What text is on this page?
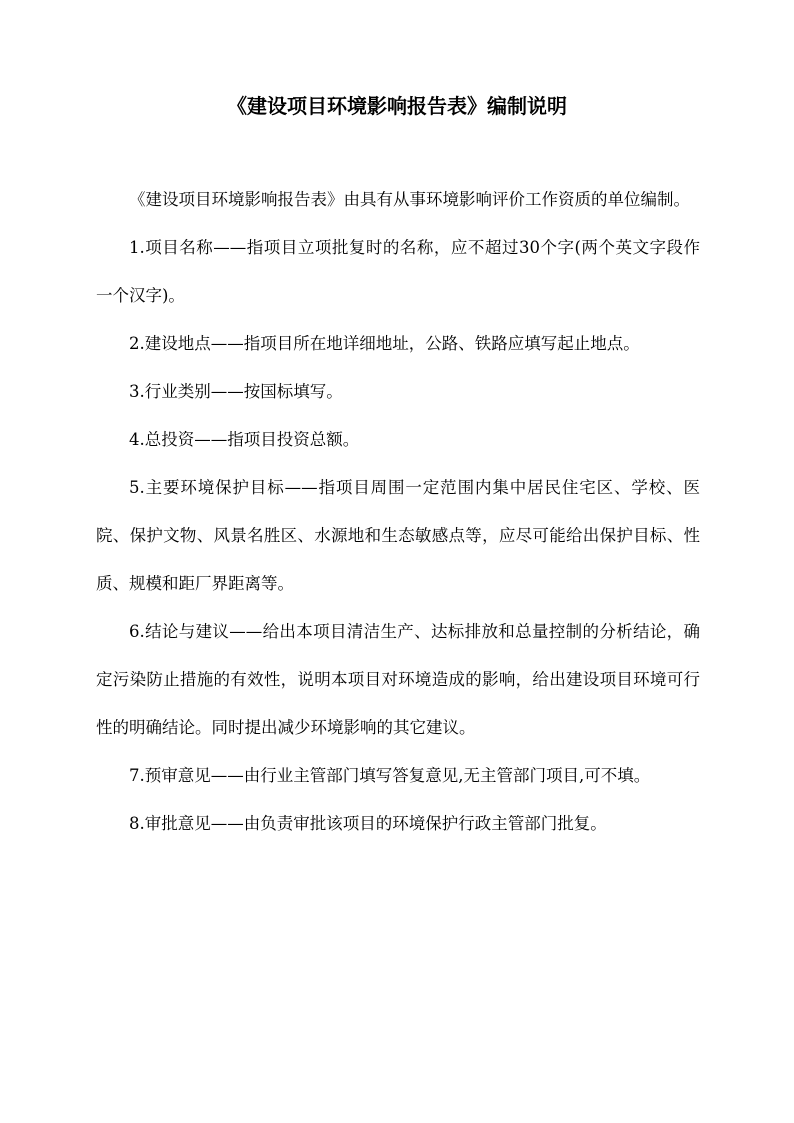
《建设项目环境影响报告表》编制说明

《建设项目环境影响报告表》由具有从事环境影响评价工作资质的单位编制。

1.项目名称——指项目立项批复时的名称，应不超过30个字(两个英文字段作一个汉字)。

2.建设地点——指项目所在地详细地址，公路、铁路应填写起止地点。

3.行业类别——按国标填写。

4.总投资——指项目投资总额。

5.主要环境保护目标——指项目周围一定范围内集中居民住宅区、学校、医院、保护文物、风景名胜区、水源地和生态敏感点等，应尽可能给出保护目标、性质、规模和距厂界距离等。

6.结论与建议——给出本项目清洁生产、达标排放和总量控制的分析结论，确定污染防止措施的有效性，说明本项目对环境造成的影响，给出建设项目环境可行性的明确结论。同时提出减少环境影响的其它建议。

7.预审意见——由行业主管部门填写答复意见,无主管部门项目,可不填。

8.审批意见——由负责审批该项目的环境保护行政主管部门批复。
